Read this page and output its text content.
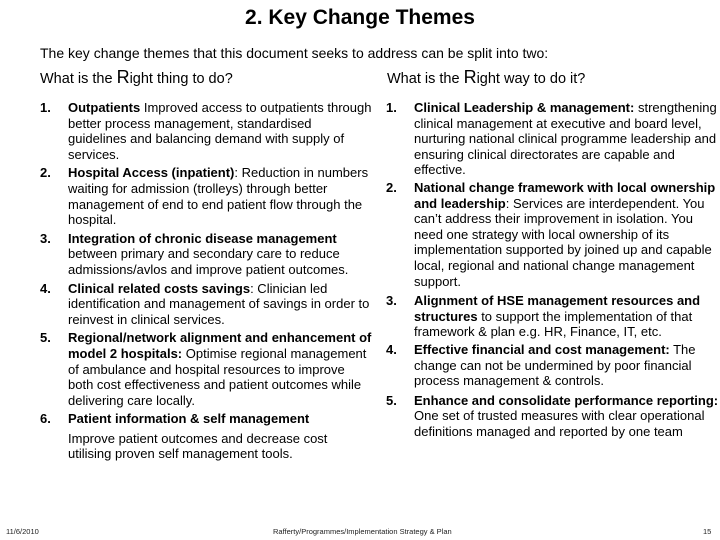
2. Key Change Themes
The key change themes that this document seeks to address can be split into two:
What is the Right thing to do?	What is the Right way to do it?
1. Outpatients Improved access to outpatients through better process management, standardised guidelines and balancing demand with supply of services.
2. Hospital Access (inpatient): Reduction in numbers waiting for admission (trolleys) through better management of end to end patient flow through the hospital.
3. Integration of chronic disease management between primary and secondary care to reduce admissions/avlos and improve patient outcomes.
4. Clinical related costs savings: Clinician led identification and management of savings in order to reinvest in clinical services.
5. Regional/network alignment and enhancement of model 2 hospitals: Optimise regional management of ambulance and hospital resources to improve both cost effectiveness and patient outcomes while delivering care locally.
6. Patient information & self management
Improve patient outcomes and decrease cost utilising proven self management tools.
1. Clinical Leadership & management: strengthening clinical management at executive and board level, nurturing national clinical programme leadership and ensuring clinical directorates are capable and effective.
2. National change framework with local ownership and leadership: Services are interdependent. You can’t address their improvement in isolation. You need one strategy with local ownership of its implementation supported by joined up and capable local, regional and national change management support.
3. Alignment of HSE management resources and structures to support the implementation of that framework & plan e.g. HR, Finance, IT, etc.
4. Effective financial and cost management: The change can not be undermined by poor financial process management & controls.
5. Enhance and consolidate performance reporting: One set of trusted measures with clear operational definitions managed and reported by one team
11/6/2010	Rafferty/Programmes/Implementation Strategy & Plan	15
